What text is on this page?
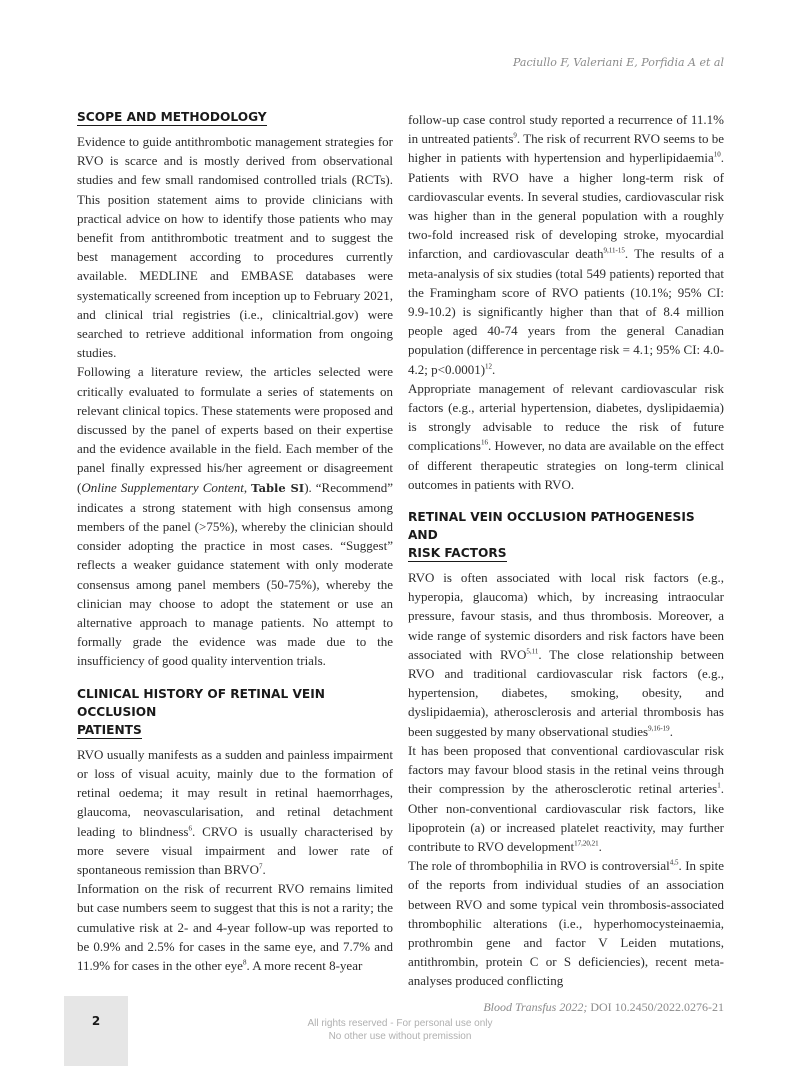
Paciullo F, Valeriani E, Porfidia A et al
SCOPE AND METHODOLOGY

Evidence to guide antithrombotic management strategies for RVO is scarce and is mostly derived from observational studies and few small randomised controlled trials (RCTs). This position statement aims to provide clinicians with practical advice on how to identify those patients who may benefit from antithrombotic treatment and to suggest the best management according to procedures currently available. MEDLINE and EMBASE databases were systematically screened from inception up to February 2021, and clinical trial registries (i.e., clinicaltrial.gov) were searched to retrieve additional information from ongoing studies.

Following a literature review, the articles selected were critically evaluated to formulate a series of statements on relevant clinical topics. These statements were proposed and discussed by the panel of experts based on their expertise and the evidence available in the field. Each member of the panel finally expressed his/her agreement or disagreement (Online Supplementary Content, Table SI). “Recommend” indicates a strong statement with high consensus among members of the panel (>75%), whereby the clinician should consider adopting the practice in most cases. “Suggest” reflects a weaker guidance statement with only moderate consensus among panel members (50-75%), whereby the clinician may choose to adopt the statement or use an alternative approach to manage patients. No attempt to formally grade the evidence was made due to the insufficiency of good quality intervention trials.

CLINICAL HISTORY OF RETINAL VEIN OCCLUSION
PATIENTS

RVO usually manifests as a sudden and painless impairment or loss of visual acuity, mainly due to the formation of retinal oedema; it may result in retinal haemorrhages, glaucoma, neovascularisation, and retinal detachment leading to blindness$^6$. CRVO is usually characterised by more severe visual impairment and lower rate of spontaneous remission than BRVO$^7$.

Information on the risk of recurrent RVO remains limited but case numbers seem to suggest that this is not a rarity; the cumulative risk at 2- and 4-year follow-up was reported to be 0.9% and 2.5% for cases in the same eye, and 7.7% and 11.9% for cases in the other eye$^8$. A more recent 8-year

follow-up case control study reported a recurrence of 11.1% in untreated patients$^9$. The risk of recurrent RVO seems to be higher in patients with hypertension and hyperlipidaemia$^{10}$. Patients with RVO have a higher long-term risk of cardiovascular events. In several studies, cardiovascular risk was higher than in the general population with a roughly two-fold increased risk of developing stroke, myocardial infarction, and cardiovascular death$^{9,11-15}$. The results of a meta-analysis of six studies (total 549 patients) reported that the Framingham score of RVO patients (10.1%; 95% CI: 9.9-10.2) is significantly higher than that of 8.4 million people aged 40-74 years from the general Canadian population (difference in percentage risk = 4.1; 95% CI: 4.0-4.2; p<0.0001)$^{12}$.

Appropriate management of relevant cardiovascular risk factors (e.g., arterial hypertension, diabetes, dyslipidaemia) is strongly advisable to reduce the risk of future complications$^{16}$. However, no data are available on the effect of different therapeutic strategies on long-term clinical outcomes in patients with RVO.

RETINAL VEIN OCCLUSION PATHOGENESIS AND
RISK FACTORS

RVO is often associated with local risk factors (e.g., hyperopia, glaucoma) which, by increasing intraocular pressure, favour stasis, and thus thrombosis. Moreover, a wide range of systemic disorders and risk factors have been associated with RVO$^{5,11}$. The close relationship between RVO and traditional cardiovascular risk factors (e.g., hypertension, diabetes, smoking, obesity, and dyslipidaemia), atherosclerosis and arterial thrombosis has been suggested by many observational studies$^{9,16-19}$.

It has been proposed that conventional cardiovascular risk factors may favour blood stasis in the retinal veins through their compression by the atherosclerotic retinal arteries$^1$. Other non-conventional cardiovascular risk factors, like lipoprotein (a) or increased platelet reactivity, may further contribute to RVO development$^{17,20,21}$.

The role of thrombophilia in RVO is controversial$^{4,5}$. In spite of the reports from individual studies of an association between RVO and some typical vein thrombosis-associated thrombophilic alterations (i.e., hyperhomocysteinaemia, prothrombin gene and factor V Leiden mutations, antithrombin, protein C or S deficiencies), recent meta-analyses produced conflicting

2
Blood Transfus 2022; DOI 10.2450/2022.0276-21
All rights reserved - For personal use only
No other use without premission
